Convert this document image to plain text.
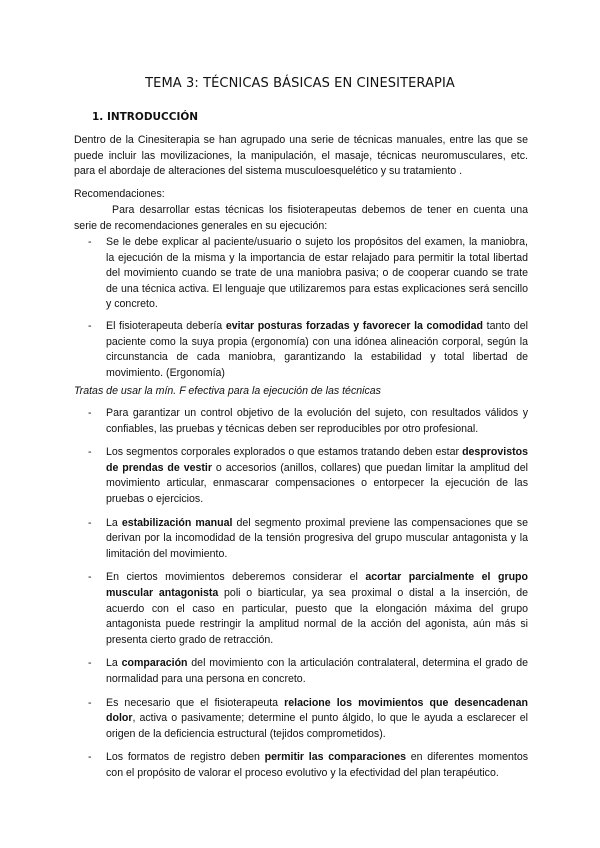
TEMA 3: TÉCNICAS BÁSICAS EN CINESITERAPIA
1. INTRODUCCIÓN
Dentro de la Cinesiterapia se han agrupado una serie de técnicas manuales, entre las que se puede incluir las movilizaciones, la manipulación, el masaje, técnicas neuromusculares, etc. para el abordaje de alteraciones del sistema musculoesquelético y su tratamiento .
Recomendaciones:
Para desarrollar estas técnicas los fisioterapeutas debemos de tener en cuenta una serie de recomendaciones generales en su ejecución:
- Se le debe explicar al paciente/usuario o sujeto los propósitos del examen, la maniobra, la ejecución de la misma y la importancia de estar relajado para permitir la total libertad del movimiento cuando se trate de una maniobra pasiva; o de cooperar cuando se trate de una técnica activa. El lenguaje que utilizaremos para estas explicaciones será sencillo y concreto.
- El fisioterapeuta debería evitar posturas forzadas y favorecer la comodidad tanto del paciente como la suya propia (ergonomía) con una idónea alineación corporal, según la circunstancia de cada maniobra, garantizando la estabilidad y total libertad de movimiento. (Ergonomía)
Tratas de usar la mín. F efectiva para la ejecución de las técnicas
- Para garantizar un control objetivo de la evolución del sujeto, con resultados válidos y confiables, las pruebas y técnicas deben ser reproducibles por otro profesional.
- Los segmentos corporales explorados o que estamos tratando deben estar desprovistos de prendas de vestir o accesorios (anillos, collares) que puedan limitar la amplitud del movimiento articular, enmascarar compensaciones o entorpecer la ejecución de las pruebas o ejercicios.
- La estabilización manual del segmento proximal previene las compensaciones que se derivan por la incomodidad de la tensión progresiva del grupo muscular antagonista y la limitación del movimiento.
- En ciertos movimientos deberemos considerar el acortar parcialmente el grupo muscular antagonista poli o biarticular, ya sea proximal o distal a la inserción, de acuerdo con el caso en particular, puesto que la elongación máxima del grupo antagonista puede restringir la amplitud normal de la acción del agonista, aún más si presenta cierto grado de retracción.
- La comparación del movimiento con la articulación contralateral, determina el grado de normalidad para una persona en concreto.
- Es necesario que el fisioterapeuta relacione los movimientos que desencadenan dolor, activa o pasivamente; determine el punto álgido, lo que le ayuda a esclarecer el origen de la deficiencia estructural (tejidos comprometidos).
- Los formatos de registro deben permitir las comparaciones en diferentes momentos con el propósito de valorar el proceso evolutivo y la efectividad del plan terapéutico.
